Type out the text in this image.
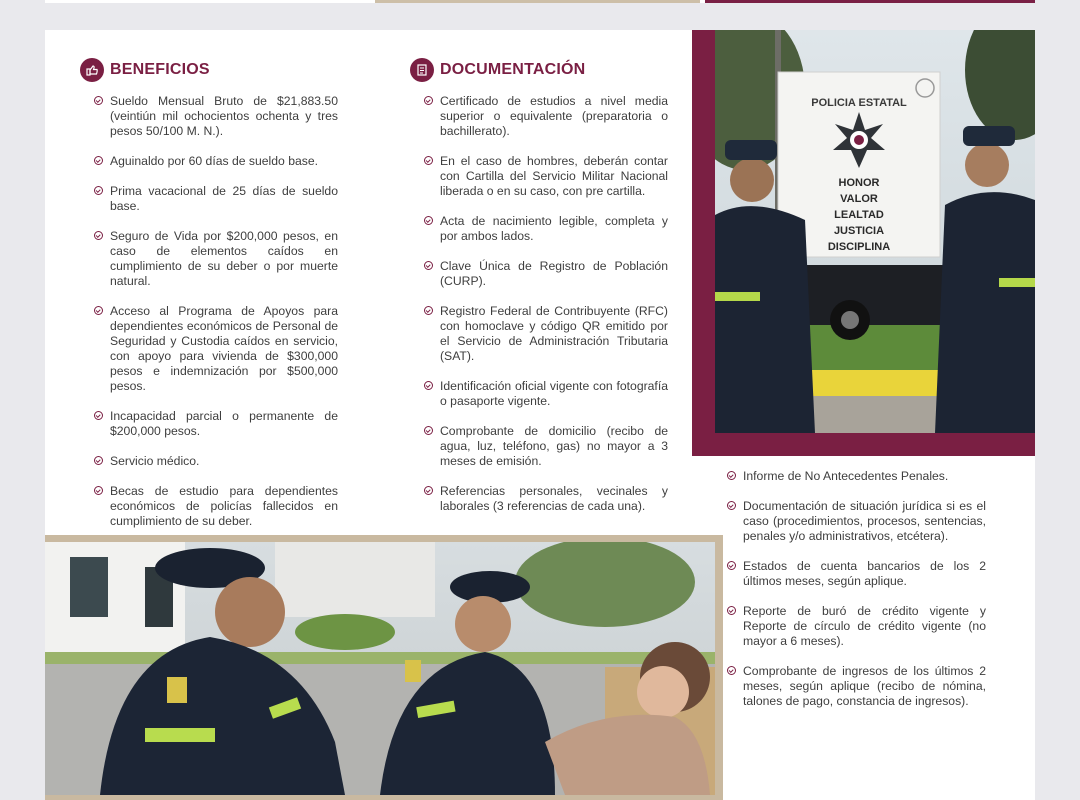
BENEFICIOS
Sueldo Mensual Bruto de $21,883.50 (veintiún mil ochocientos ochenta y tres pesos 50/100 M. N.).
Aguinaldo por 60 días de sueldo base.
Prima vacacional de 25 días de sueldo base.
Seguro de Vida por $200,000 pesos, en caso de elementos caídos en cumplimiento de su deber o por muerte natural.
Acceso al Programa de Apoyos para dependientes económicos de Personal de Seguridad y Custodia caídos en servicio, con apoyo para vivienda de $300,000 pesos e indemnización por $500,000 pesos.
Incapacidad parcial o permanente de $200,000 pesos.
Servicio médico.
Becas de estudio para dependientes económicos de policías fallecidos en cumplimiento de su deber.
DOCUMENTACIÓN
Certificado de estudios a nivel media superior o equivalente (preparatoria o bachillerato).
En el caso de hombres, deberán contar con Cartilla del Servicio Militar Nacional liberada o en su caso, con pre cartilla.
Acta de nacimiento legible, completa y por ambos lados.
Clave Única de Registro de Población (CURP).
Registro Federal de Contribuyente (RFC) con homoclave y código QR emitido por el Servicio de Administración Tributaria (SAT).
Identificación oficial vigente con fotografía o pasaporte vigente.
Comprobante de domicilio (recibo de agua, luz, teléfono, gas) no mayor a 3 meses de emisión.
Referencias personales, vecinales y laborales (3 referencias de cada una).
Informe de No Antecedentes Penales.
Documentación de situación jurídica si es el caso (procedimientos, procesos, sentencias, penales y/o administrativos, etcétera).
Estados de cuenta bancarios de los 2 últimos meses, según aplique.
Reporte de buró de crédito vigente y Reporte de círculo de crédito vigente (no mayor a 6 meses).
Comprobante de ingresos de los últimos 2 meses, según aplique (recibo de nómina, talones de pago, constancia de ingresos).
POLICIA ESTATAL
HONOR
VALOR
LEALTAD
JUSTICIA
DISCIPLINA
